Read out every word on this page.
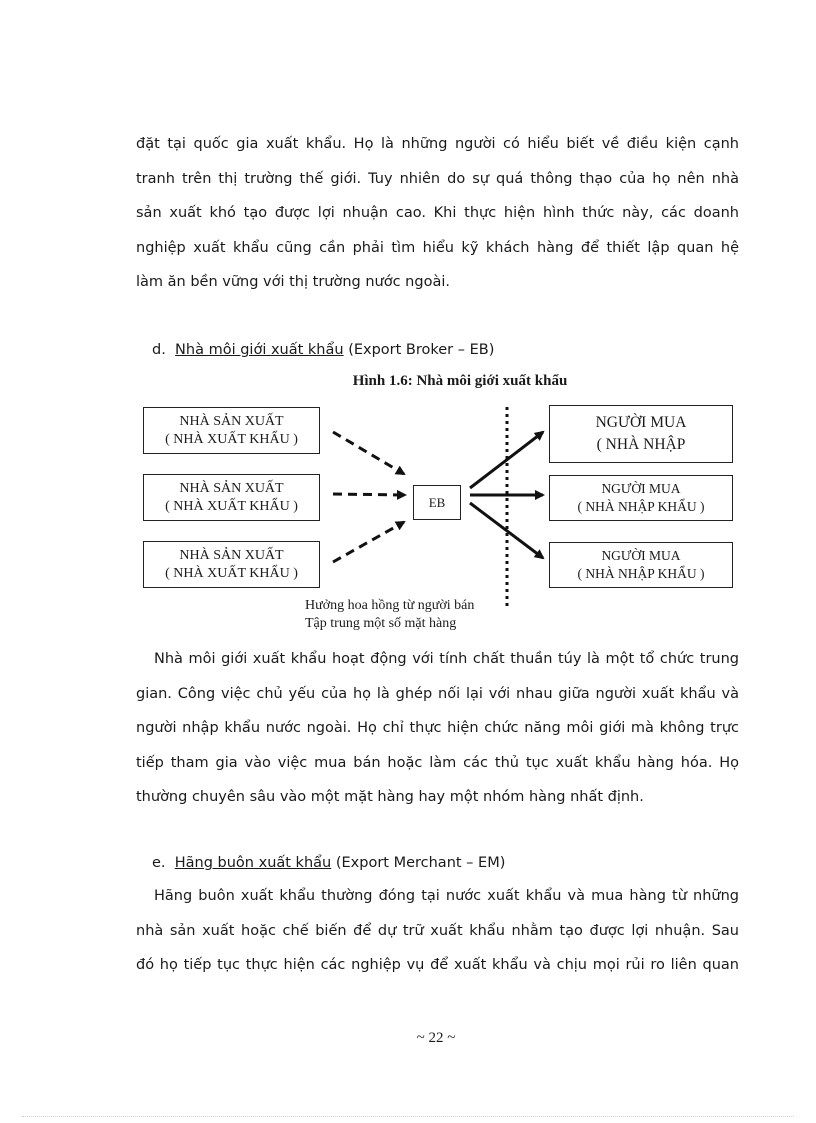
đặt tại quốc gia xuất khẩu. Họ là những người có hiểu biết về điều kiện cạnh
tranh trên thị trường thế giới. Tuy nhiên do sự quá thông thạo của họ nên nhà
sản xuất khó tạo được lợi nhuận cao. Khi thực hiện hình thức này, các doanh
nghiệp xuất khẩu cũng cần phải tìm hiểu kỹ khách hàng để thiết lập quan hệ
làm ăn bền vững với thị trường nước ngoài.
d. Nhà môi giới xuất khẩu (Export Broker – EB)
Hình 1.6: Nhà môi giới xuất khẩu
NHÀ SẢN XUẤT
( NHÀ XUẤT KHẨU )
NHÀ SẢN XUẤT
( NHÀ XUẤT KHẨU )
NHÀ SẢN XUẤT
( NHÀ XUẤT KHẨU )
EB
NGƯỜI MUA
( NHÀ NHẬP
NGƯỜI MUA
( NHÀ NHẬP KHẨU )
NGƯỜI MUA
( NHÀ NHẬP KHẨU )
Hưởng hoa hồng từ người bán
Tập trung một số mặt hàng
Nhà môi giới xuất khẩu hoạt động với tính chất thuần túy là một tổ chức trung
gian. Công việc chủ yếu của họ là ghép nối lại với nhau giữa người xuất khẩu và
người nhập khẩu nước ngoài. Họ chỉ thực hiện chức năng môi giới mà không trực
tiếp tham gia vào việc mua bán hoặc làm các thủ tục xuất khẩu hàng hóa. Họ
thường chuyên sâu vào một mặt hàng hay một nhóm hàng nhất định.
e. Hãng buôn xuất khẩu (Export Merchant – EM)
Hãng buôn xuất khẩu thường đóng tại nước xuất khẩu và mua hàng từ những
nhà sản xuất hoặc chế biến để dự trữ xuất khẩu nhằm tạo được lợi nhuận. Sau
đó họ tiếp tục thực hiện các nghiệp vụ để xuất khẩu và chịu mọi rủi ro liên quan
~ 22 ~
